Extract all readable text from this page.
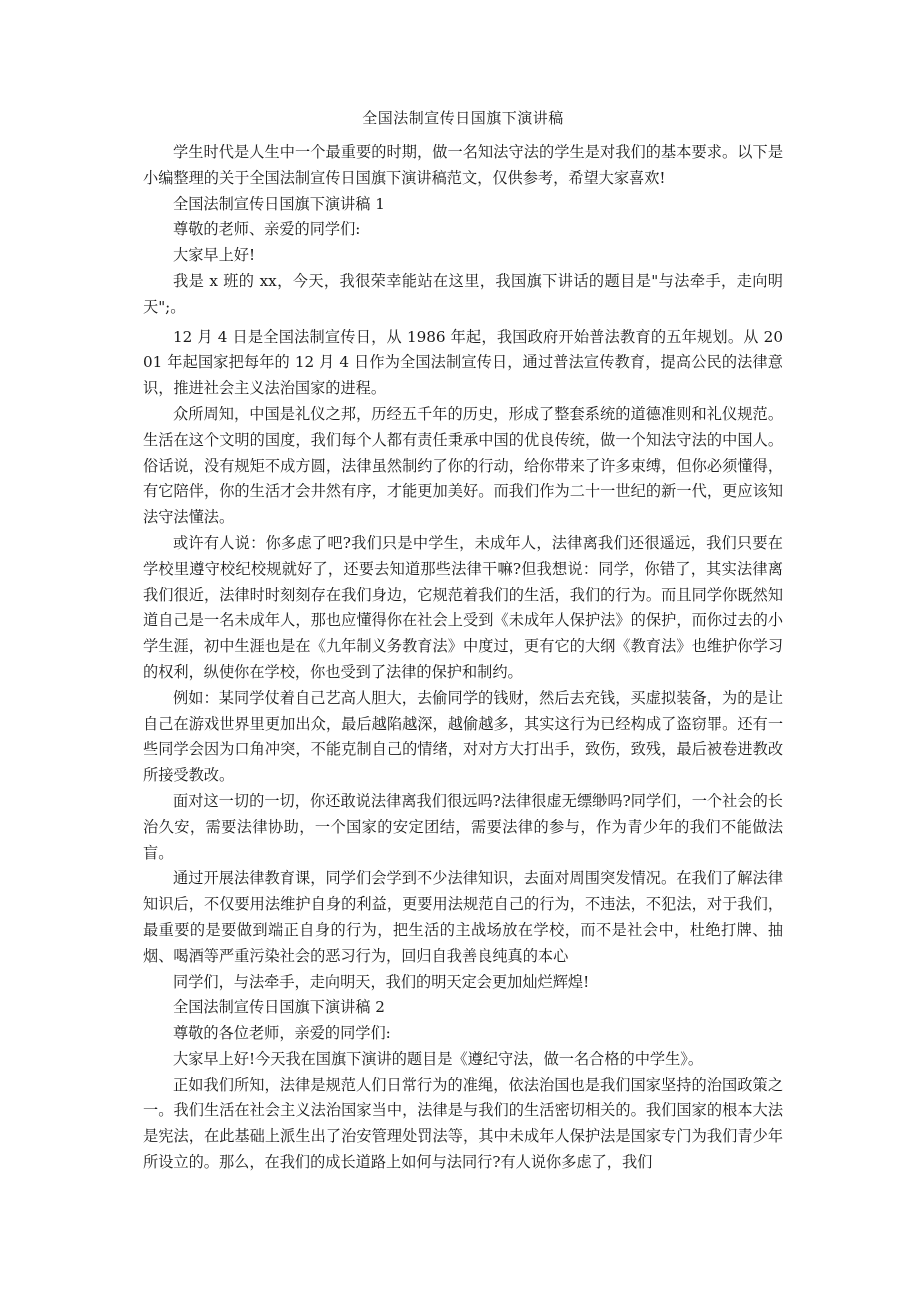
全国法制宣传日国旗下演讲稿

学生时代是人生中一个最重要的时期，做一名知法守法的学生是对我们的基本要求。以下是小编整理的关于全国法制宣传日国旗下演讲稿范文，仅供参考，希望大家喜欢!

全国法制宣传日国旗下演讲稿 1

尊敬的老师、亲爱的同学们:

大家早上好!

我是 x 班的 xx，今天，我很荣幸能站在这里，我国旗下讲话的题目是"与法牵手，走向明天";。

12 月 4 日是全国法制宣传日，从 1986 年起，我国政府开始普法教育的五年规划。从 2001 年起国家把每年的 12 月 4 日作为全国法制宣传日，通过普法宣传教育，提高公民的法律意识，推进社会主义法治国家的进程。

众所周知，中国是礼仪之邦，历经五千年的历史，形成了整套系统的道德准则和礼仪规范。生活在这个文明的国度，我们每个人都有责任秉承中国的优良传统，做一个知法守法的中国人。俗话说，没有规矩不成方圆，法律虽然制约了你的行动，给你带来了许多束缚，但你必须懂得，有它陪伴，你的生活才会井然有序，才能更加美好。而我们作为二十一世纪的新一代，更应该知法守法懂法。

或许有人说：你多虑了吧?我们只是中学生，未成年人，法律离我们还很遥远，我们只要在学校里遵守校纪校规就好了，还要去知道那些法律干嘛?但我想说：同学，你错了，其实法律离我们很近，法律时时刻刻存在我们身边，它规范着我们的生活，我们的行为。而且同学你既然知道自己是一名未成年人，那也应懂得你在社会上受到《未成年人保护法》的保护，而你过去的小学生涯，初中生涯也是在《九年制义务教育法》中度过，更有它的大纲《教育法》也维护你学习的权利，纵使你在学校，你也受到了法律的保护和制约。

例如：某同学仗着自己艺高人胆大，去偷同学的钱财，然后去充钱，买虚拟装备，为的是让自己在游戏世界里更加出众，最后越陷越深，越偷越多，其实这行为已经构成了盗窃罪。还有一些同学会因为口角冲突，不能克制自己的情绪，对对方大打出手，致伤，致残，最后被卷进教改所接受教改。

面对这一切的一切，你还敢说法律离我们很远吗?法律很虚无缥缈吗?同学们，一个社会的长治久安，需要法律协助，一个国家的安定团结，需要法律的参与，作为青少年的我们不能做法盲。

通过开展法律教育课，同学们会学到不少法律知识，去面对周围突发情况。在我们了解法律知识后，不仅要用法维护自身的利益，更要用法规范自己的行为，不违法，不犯法，对于我们，最重要的是要做到端正自身的行为，把生活的主战场放在学校，而不是社会中，杜绝打牌、抽烟、喝酒等严重污染社会的恶习行为，回归自我善良纯真的本心

同学们，与法牵手，走向明天，我们的明天定会更加灿烂辉煌!

全国法制宣传日国旗下演讲稿 2

尊敬的各位老师，亲爱的同学们:

大家早上好!今天我在国旗下演讲的题目是《遵纪守法，做一名合格的中学生》。

正如我们所知，法律是规范人们日常行为的准绳，依法治国也是我们国家坚持的治国政策之一。我们生活在社会主义法治国家当中，法律是与我们的生活密切相关的。我们国家的根本大法是宪法，在此基础上派生出了治安管理处罚法等，其中未成年人保护法是国家专门为我们青少年所设立的。那么，在我们的成长道路上如何与法同行?有人说你多虑了，我们
